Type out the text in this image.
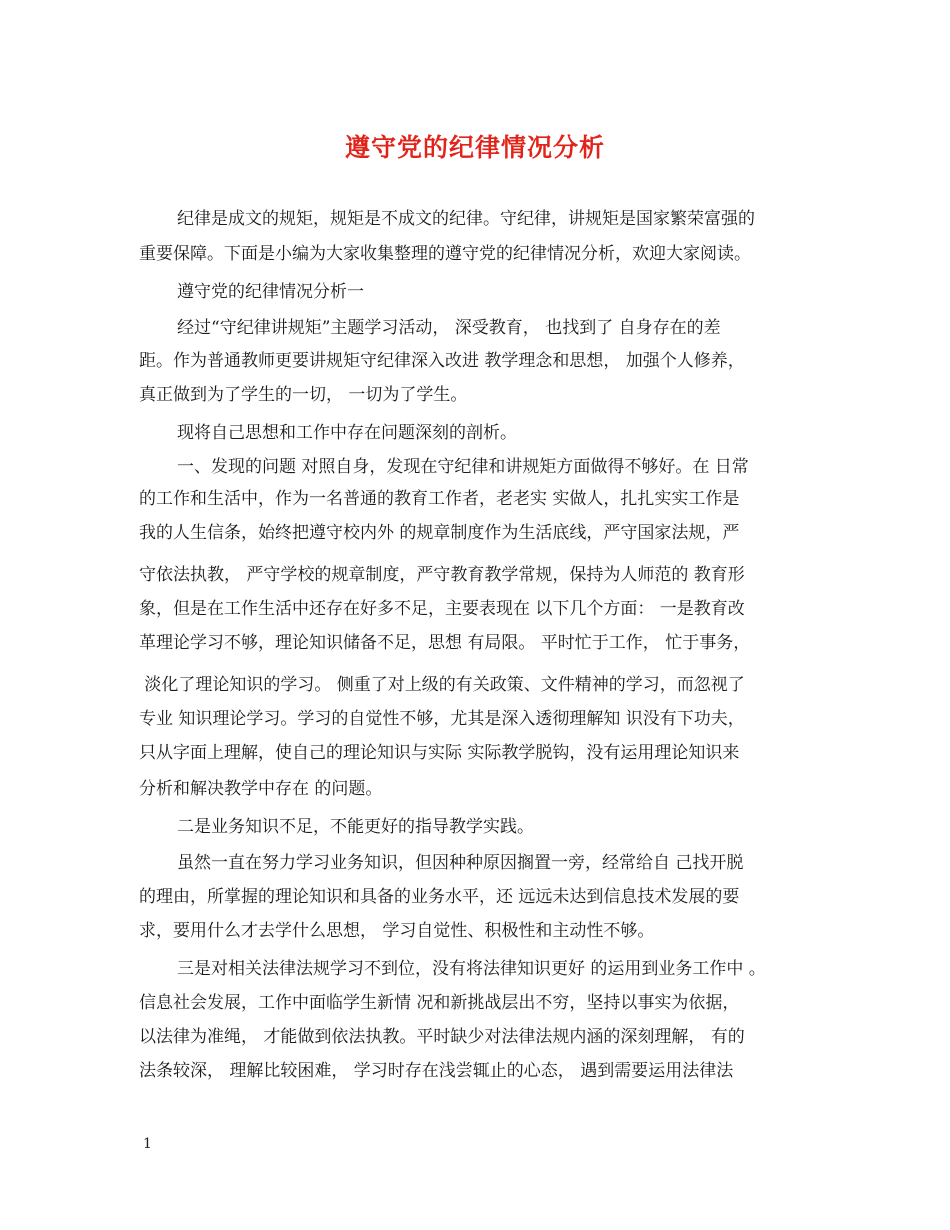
遵守党的纪律情况分析
纪律是成文的规矩，规矩是不成文的纪律。守纪律，讲规矩是国家繁荣富强的
重要保障。下面是小编为大家收集整理的遵守党的纪律情况分析，欢迎大家阅读。
遵守党的纪律情况分析一
经过“守纪律讲规矩”主题学习活动， 深受教育， 也找到了 自身存在的差
距。作为普通教师更要讲规矩守纪律深入改进 教学理念和思想， 加强个人修养，
真正做到为了学生的一切， 一切为了学生。
现将自己思想和工作中存在问题深刻的剖析。
一、发现的问题 对照自身，发现在守纪律和讲规矩方面做得不够好。在 日常
的工作和生活中，作为一名普通的教育工作者，老老实 实做人，扎扎实实工作是
我的人生信条，始终把遵守校内外 的规章制度作为生活底线，严守国家法规，严
守依法执教， 严守学校的规章制度，严守教育教学常规，保持为人师范的 教育形
象，但是在工作生活中还存在好多不足，主要表现在 以下几个方面： 一是教育改
革理论学习不够，理论知识储备不足，思想 有局限。 平时忙于工作， 忙于事务，
淡化了理论知识的学习。 侧重了对上级的有关政策、文件精神的学习，而忽视了
专业 知识理论学习。学习的自觉性不够，尤其是深入透彻理解知 识没有下功夫，
只从字面上理解，使自己的理论知识与实际 实际教学脱钩，没有运用理论知识来
分析和解决教学中存在 的问题。
二是业务知识不足，不能更好的指导教学实践。
虽然一直在努力学习业务知识，但因种种原因搁置一旁，经常给自 己找开脱
的理由，所掌握的理论知识和具备的业务水平，还 远远未达到信息技术发展的要
求，要用什么才去学什么思想， 学习自觉性、积极性和主动性不够。
三是对相关法律法规学习不到位，没有将法律知识更好 的运用到业务工作中 。
信息社会发展，工作中面临学生新情 况和新挑战层出不穷，坚持以事实为依据，
以法律为准绳， 才能做到依法执教。平时缺少对法律法规内涵的深刻理解， 有的
法条较深， 理解比较困难， 学习时存在浅尝辄止的心态， 遇到需要运用法律法
1
